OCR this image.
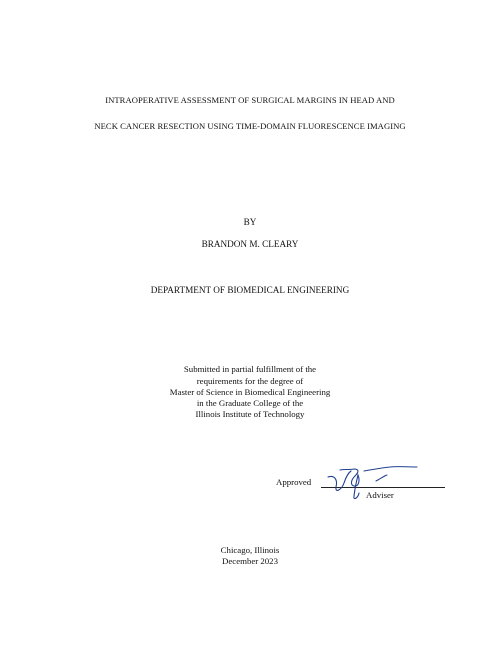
INTRAOPERATIVE ASSESSMENT OF SURGICAL MARGINS IN HEAD AND
NECK CANCER RESECTION USING TIME-DOMAIN FLUORESCENCE IMAGING
BY
BRANDON M. CLEARY
DEPARTMENT OF BIOMEDICAL ENGINEERING
Submitted in partial fulfillment of the
requirements for the degree of
Master of Science in Biomedical Engineering
in the Graduate College of the
Illinois Institute of Technology
Approved
Adviser
Chicago, Illinois
December 2023
